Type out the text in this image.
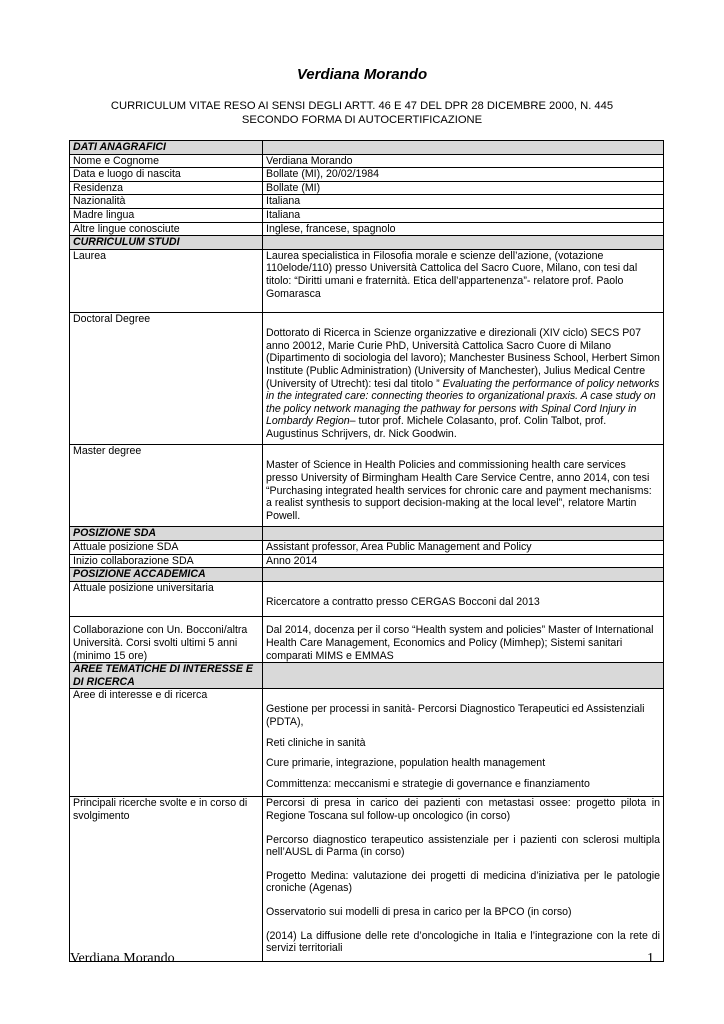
Verdiana Morando
CURRICULUM VITAE RESO AI SENSI DEGLI ARTT. 46 E 47 DEL DPR 28 DICEMBRE 2000, N. 445
SECONDO FORMA DI AUTOCERTIFICAZIONE
DATI ANAGRAFICI	
Nome e Cognome	Verdiana Morando
Data e luogo di nascita	Bollate (MI), 20/02/1984
Residenza	Bollate (MI)
Nazionalità	Italiana
Madre lingua	Italiana
Altre lingue conosciute	Inglese, francese, spagnolo
CURRICULUM STUDI	
Laurea	Laurea specialistica in Filosofia morale e scienze dell’azione, (votazione 110elode/110) presso Università Cattolica del Sacro Cuore, Milano, con tesi dal titolo: “Diritti umani e fraternità. Etica dell’appartenenza”- relatore prof. Paolo Gomarasca
Doctoral Degree	Dottorato di Ricerca in Scienze organizzative e direzionali (XIV ciclo) SECS P07 anno 20012, Marie Curie PhD, Università Cattolica Sacro Cuore di Milano (Dipartimento di sociologia del lavoro); Manchester Business School, Herbert Simon Institute (Public Administration) (University of Manchester), Julius Medical Centre (University of Utrecht): tesi dal titolo ” Evaluating the performance of policy networks in the integrated care: connecting theories to organizational praxis. A case study on the policy network managing the pathway for persons with Spinal Cord Injury in Lombardy Region– tutor prof. Michele Colasanto, prof. Colin Talbot, prof. Augustinus Schrijvers, dr. Nick Goodwin.

Master degree	Master of Science in Health Policies and commissioning health care services presso University of Birmingham Health Care Service Centre, anno 2014, con tesi “Purchasing integrated health services for chronic care and payment mechanisms: a realist synthesis to support decision-making at the local level”, relatore Martin Powell.

POSIZIONE SDA	
Attuale posizione SDA	Assistant professor, Area Public Management and Policy
Inizio collaborazione SDA	Anno 2014
POSIZIONE ACCADEMICA	
Attuale posizione universitaria	Ricercatore a contratto presso CERGAS Bocconi dal 2013

Collaborazione con Un. Bocconi/altra Università. Corsi svolti ultimi 5 anni (minimo 15 ore)	Dal 2014, docenza per il corso “Health system and policies” Master of International Health Care Management, Economics and Policy (Mimhep); Sistemi sanitari comparati MIMS e EMMAS
AREE TEMATICHE DI INTERESSE E DI RICERCA	
Aree di interesse e di ricerca	Gestione per processi in sanità- Percorsi Diagnostico Terapeutici ed Assistenziali (PDTA),
Reti cliniche in sanità
Cure primarie, integrazione, population health management
Committenza: meccanismi e strategie di governance e finanziamento

Principali ricerche svolte e in corso di svolgimento	Percorsi di presa in carico dei pazienti con metastasi ossee: progetto pilota in Regione Toscana sul follow-up oncologico (in corso)
Percorso diagnostico terapeutico assistenziale per i pazienti con sclerosi multipla nell’AUSL di Parma (in corso)
Progetto Medina: valutazione dei progetti di medicina d’iniziativa per le patologie croniche (Agenas)
Osservatorio sui modelli di presa in carico per la BPCO (in corso)
(2014) La diffusione delle rete d’oncologiche in Italia e l’integrazione con la rete di servizi territoriali
Verdiana Morando	1
